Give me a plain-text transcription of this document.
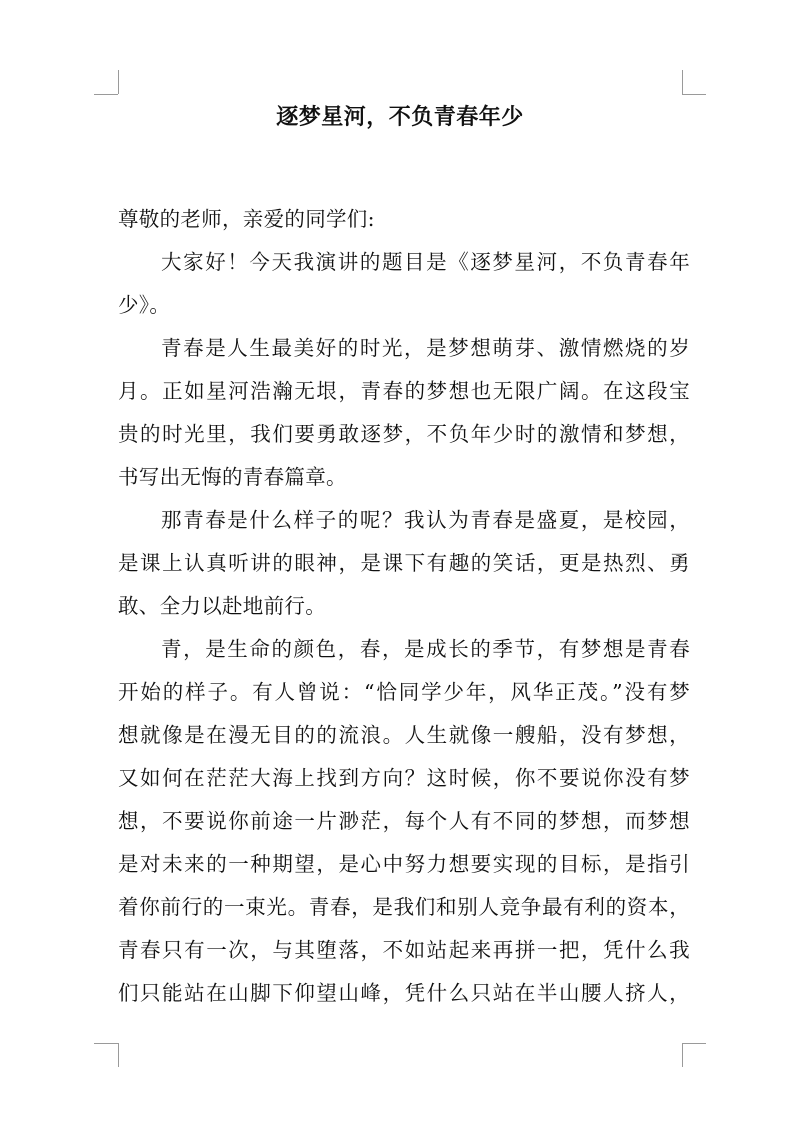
逐梦星河，不负青春年少
尊敬的老师，亲爱的同学们:
大家好！今天我演讲的题目是《逐梦星河，不负青春年
少》。
青春是人生最美好的时光，是梦想萌芽、激情燃烧的岁
月。正如星河浩瀚无垠，青春的梦想也无限广阔。在这段宝
贵的时光里，我们要勇敢逐梦，不负年少时的激情和梦想，
书写出无悔的青春篇章。
那青春是什么样子的呢？我认为青春是盛夏，是校园，
是课上认真听讲的眼神，是课下有趣的笑话，更是热烈、勇
敢、全力以赴地前行。
青，是生命的颜色，春，是成长的季节，有梦想是青春
开始的样子。有人曾说：“恰同学少年，风华正茂。”没有梦
想就像是在漫无目的的流浪。人生就像一艘船，没有梦想，
又如何在茫茫大海上找到方向？这时候，你不要说你没有梦
想，不要说你前途一片渺茫，每个人有不同的梦想，而梦想
是对未来的一种期望，是心中努力想要实现的目标，是指引
着你前行的一束光。青春，是我们和别人竞争最有利的资本，
青春只有一次，与其堕落，不如站起来再拼一把，凭什么我
们只能站在山脚下仰望山峰，凭什么只站在半山腰人挤人，
